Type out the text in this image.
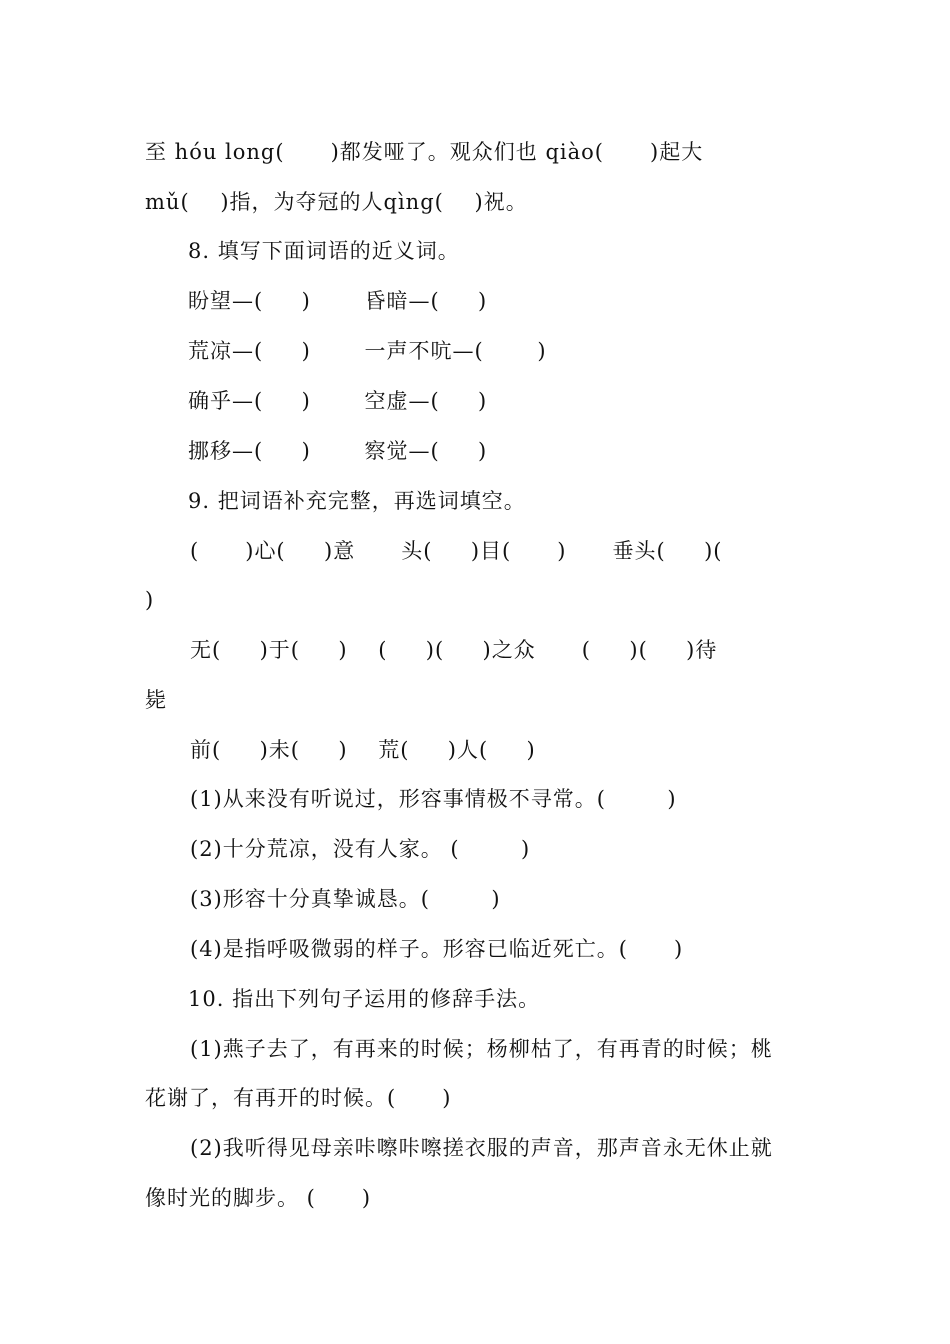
至 hóu long(      )都发哑了。观众们也 qiào(      )起大
mǔ(    )指，为夺冠的人qìng(    )祝。
8. 填写下面词语的近义词。
盼望—(     )       昏暗—(     )
荒凉—(     )       一声不吭—(       )
确乎—(     )       空虚—(     )
挪移—(     )       察觉—(     )
9. 把词语补充完整，再选词填空。
(      )心(     )意      头(     )目(      )      垂头(     )(
)
无(     )于(     )    (     )(     )之众      (     )(     )待
毙
前(     )未(     )    荒(     )人(     )
(1)从来没有听说过，形容事情极不寻常。(        )
(2)十分荒凉，没有人家。 (        )
(3)形容十分真挚诚恳。(        )
(4)是指呼吸微弱的样子。形容已临近死亡。(      )
10. 指出下列句子运用的修辞手法。
(1)燕子去了，有再来的时候；杨柳枯了，有再青的时候；桃
花谢了，有再开的时候。(      )
(2)我听得见母亲咔嚓咔嚓搓衣服的声音，那声音永无休止就
像时光的脚步。 (      )
